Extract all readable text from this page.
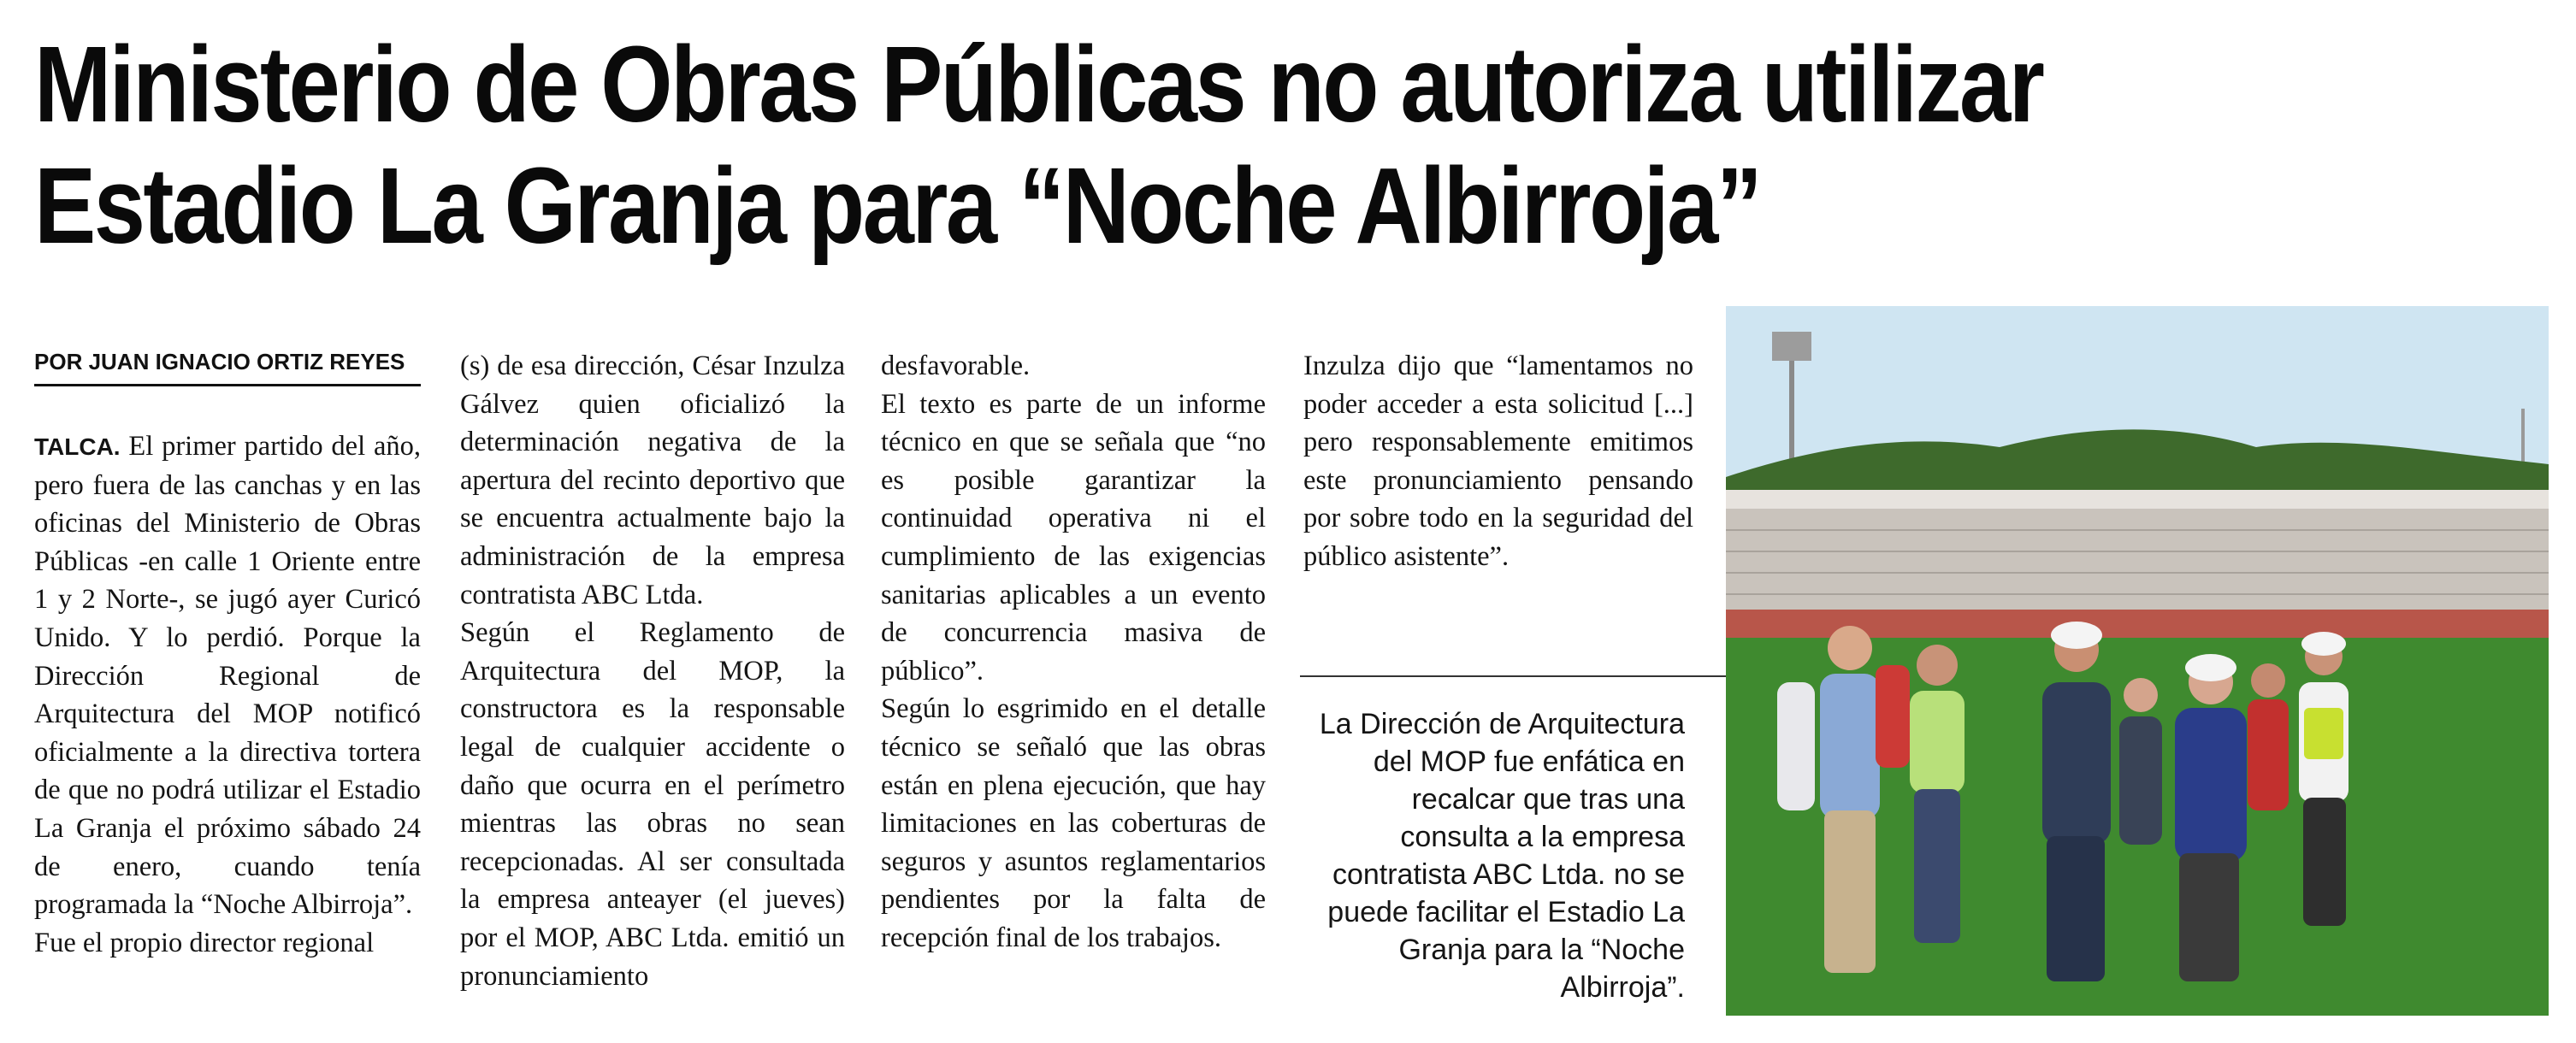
Ministerio de Obras Públicas no autoriza utilizar
Estadio La Granja para “Noche Albirroja”
POR JUAN IGNACIO ORTIZ REYES

TALCA. El primer partido del año, pero fuera de las canchas y en las oficinas del Ministerio de Obras Públicas -en calle 1 Oriente entre 1 y 2 Norte-, se jugó ayer Curicó Unido. Y lo perdió. Porque la Dirección Regional de Arquitectura del MOP notificó oficialmente a la directiva tortera de que no podrá utilizar el Estadio La Granja el próximo sábado 24 de enero, cuando tenía programada la “Noche Albirroja”.

Fue el propio director regional

(s) de esa dirección, César Inzulza Gálvez quien oficializó la determinación negativa de la apertura del recinto deportivo que se encuentra actualmente bajo la administración de la empresa contratista ABC Ltda.

Según el Reglamento de Arquitectura del MOP, la constructora es la responsable legal de cualquier accidente o daño que ocurra en el perímetro mientras las obras no sean recepcionadas. Al ser consultada la empresa anteayer (el jueves) por el MOP, ABC Ltda. emitió un pronunciamiento

desfavorable.

El texto es parte de un informe técnico en que se señala que “no es posible garantizar la continuidad operativa ni el cumplimiento de las exigencias sanitarias aplicables a un evento de concurrencia masiva de público”.

Según lo esgrimido en el detalle técnico se señaló que las obras están en plena ejecución, que hay limitaciones en las coberturas de seguros y asuntos reglamentarios pendientes por la falta de recepción final de los trabajos.

Inzulza dijo que “lamentamos no poder acceder a esta solicitud [...] pero responsablemente emitimos este pronunciamiento pensando por sobre todo en la seguridad del público asistente”.

La Dirección de Arquitectura del MOP fue enfática en recalcar que tras una consulta a la empresa contratista ABC Ltda. no se puede facilitar el Estadio La Granja para la “Noche Albirroja”.
